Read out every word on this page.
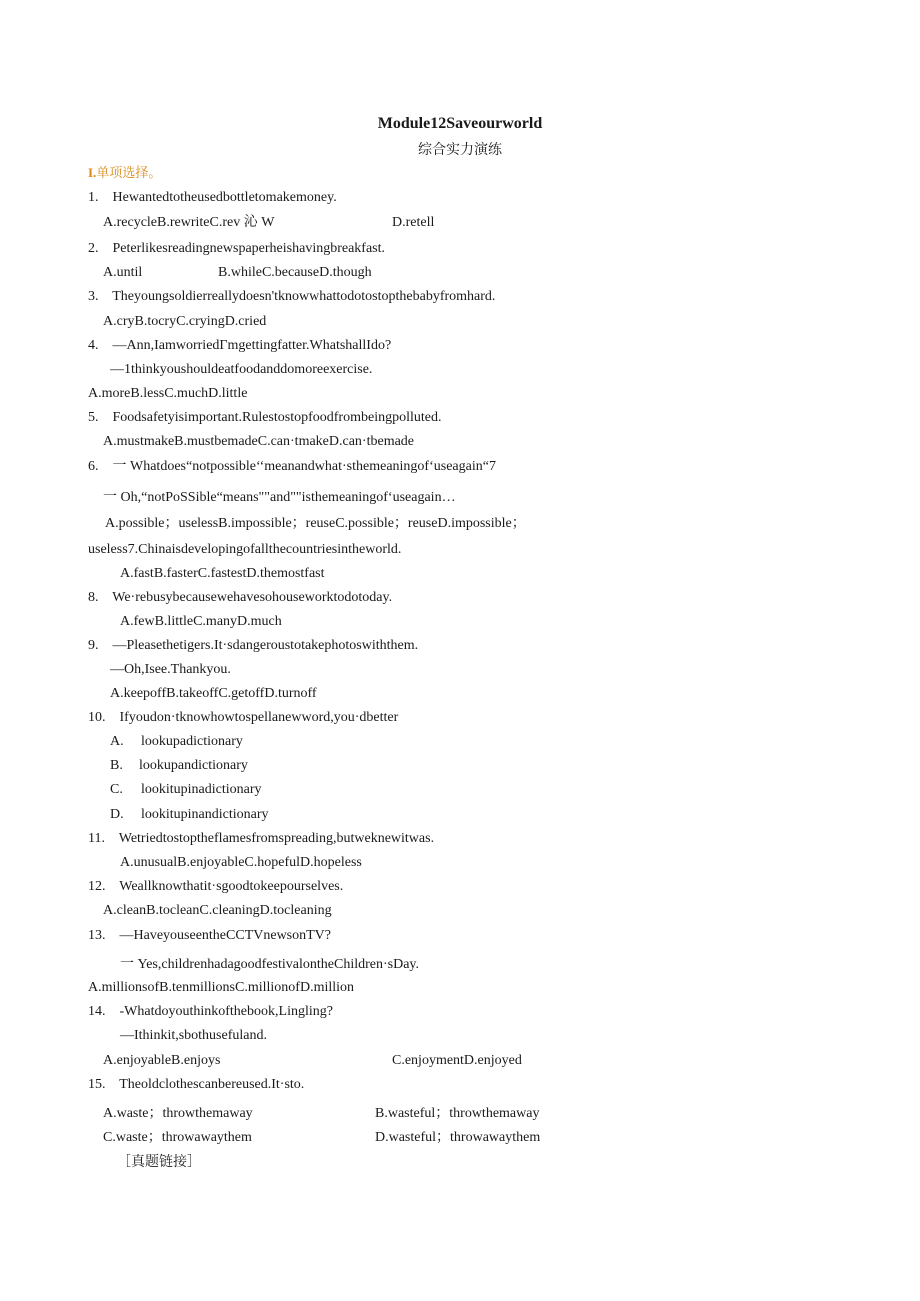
Module12Saveourworld
综合实力演练
I.单项选择。
1.    Hewantedtotheusedbottletomakemoney.
A.recycleB.rewriteC.rev 沁 W	D.retell
2.    Peterlikesreadingnewspaperheishavingbreakfast.
A.until	B.whileC.becauseD.though
3.    Theyoungsoldierreallydoesn'tknowwhattodotostopthebabyfromhard.
A.cryB.tocryC.cryingD.cried
4.    —Ann,IamworriedΓmgettingfatter.WhatshallIdo?
—1thinkyoushouldeatfoodanddomoreexercise.
A.moreB.lessC.muchD.little
5.    Foodsafetyisimportant.Rulestostopfoodfrombeingpolluted.
A.mustmakeB.mustbemadeC.can·tmakeD.can·tbemade
6.    一 Whatdoes“notpossible‘‘meanandwhat·sthemeaningof‘useagain“7
一 Oh,“notPoSSible“means""and""isthemeaningof‘useagain…
A.possible；uselessB.impossible；reuseC.possible；reuseD.impossible；
useless7.Chinaisdevelopingofallthecountriesintheworld.
A.fastB.fasterC.fastestD.themostfast
8.    We·rebusybecausewehavesohouseworktodotoday.
A.fewB.littleC.manyD.much
9.    —Pleasethetigers.It·sdangeroustotakephotoswiththem.
—Oh,Isee.Thankyou.
A.keepoffB.takeoffC.getoffD.turnoff
10.    Ifyoudon·tknowhowtospellanewword,you·dbetter
A. lookupadictionary
B. lookupandictionary
C. lookitupinadictionary
D. lookitupinandictionary
11.    Wetriedtostoptheflamesfromspreading,butweknewitwas.
A.unusualB.enjoyableC.hopefulD.hopeless
12.    Weallknowthatit·sgoodtokeepourselves.
A.cleanB.tocleanC.cleaningD.tocleaning
13.    —HaveyouseentheCCTVnewsonTV?
一 Yes,childrenhadagoodfestivalontheChildren·sDay.
A.millionsofB.tenmillionsC.millionofD.million
14.    -Whatdoyouthinkofthebook,Lingling?
—Ithinkit,sbothusefuland.
A.enjoyableB.enjoys	C.enjoymentD.enjoyed
15.    Theoldclothescanbereused.It·sto.
A.waste；throwthemaway	B.wasteful；throwthemaway
C.waste；throwawaythem	D.wasteful；throwawaythem
［真题链接］
